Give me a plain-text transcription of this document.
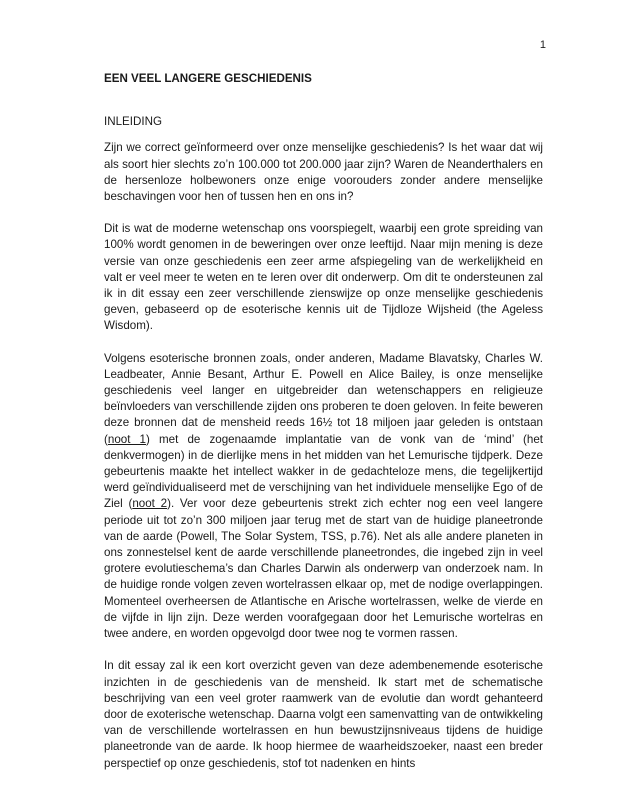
1
EEN VEEL LANGERE GESCHIEDENIS
INLEIDING

Zijn we correct geïnformeerd over onze menselijke geschiedenis? Is het waar dat wij als soort hier slechts zo’n 100.000 tot 200.000 jaar zijn? Waren de Neanderthalers en de hersenloze holbewoners onze enige voorouders zonder andere menselijke beschavingen voor hen of tussen hen en ons in?

Dit is wat de moderne wetenschap ons voorspiegelt, waarbij een grote spreiding van 100% wordt genomen in de beweringen over onze leeftijd. Naar mijn mening is deze versie van onze geschiedenis een zeer arme afspiegeling van de werkelijkheid en valt er veel meer te weten en te leren over dit onderwerp. Om dit te ondersteunen zal ik in dit essay een zeer verschillende zienswijze op onze menselijke geschiedenis geven, gebaseerd op de esoterische kennis uit de Tijdloze Wijsheid (the Ageless Wisdom).

Volgens esoterische bronnen zoals, onder anderen, Madame Blavatsky, Charles W. Leadbeater, Annie Besant, Arthur E. Powell en Alice Bailey, is onze menselijke geschiedenis veel langer en uitgebreider dan wetenschappers en religieuze beïnvloeders van verschillende zijden ons proberen te doen geloven. In feite beweren deze bronnen dat de mensheid reeds 16½ tot 18 miljoen jaar geleden is ontstaan (noot 1) met de zogenaamde implantatie van de vonk van de ‘mind’ (het denkvermogen) in de dierlijke mens in het midden van het Lemurische tijdperk. Deze gebeurtenis maakte het intellect wakker in de gedachteloze mens, die tegelijkertijd werd geïndividualiseerd met de verschijning van het individuele menselijke Ego of de Ziel (noot 2). Ver voor deze gebeurtenis strekt zich echter nog een veel langere periode uit tot zo’n 300 miljoen jaar terug met de start van de huidige planeetronde van de aarde (Powell, The Solar System, TSS, p.76). Net als alle andere planeten in ons zonnestelsel kent de aarde verschillende planeetrondes, die ingebed zijn in veel grotere evolutieschema’s dan Charles Darwin als onderwerp van onderzoek nam. In de huidige ronde volgen zeven wortelrassen elkaar op, met de nodige overlappingen. Momenteel overheersen de Atlantische en Arische wortelrassen, welke de vierde en de vijfde in lijn zijn. Deze werden voorafgegaan door het Lemurische wortelras en twee andere, en worden opgevolgd door twee nog te vormen rassen.

In dit essay zal ik een kort overzicht geven van deze adembenemende esoterische inzichten in de geschiedenis van de mensheid. Ik start met de schematische beschrijving van een veel groter raamwerk van de evolutie dan wordt gehanteerd door de exoterische wetenschap. Daarna volgt een samenvatting van de ontwikkeling van de verschillende wortelrassen en hun bewustzijnsniveaus tijdens de huidige planeetronde van de aarde. Ik hoop hiermee de waarheidszoeker, naast een breder perspectief op onze geschiedenis, stof tot nadenken en hints
